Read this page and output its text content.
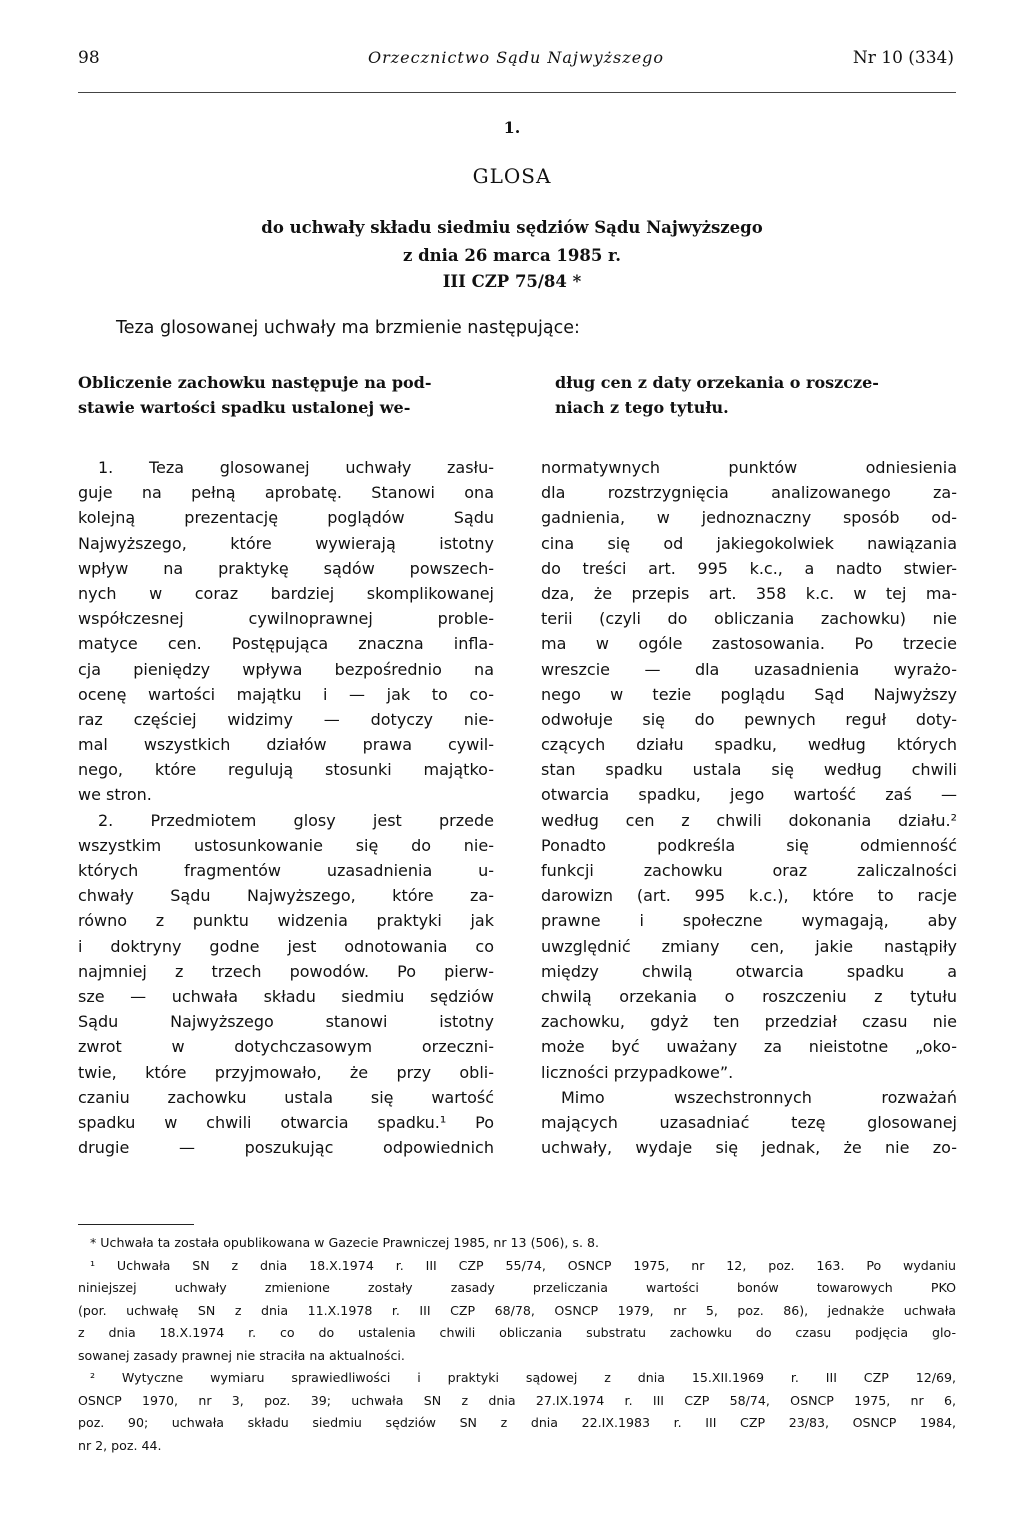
98	Orzecznictwo Sądu Najwyższego	Nr 10 (334)
1.
GLOSA
do uchwały składu siedmiu sędziów Sądu Najwyższego
z dnia 26 marca 1985 r.
III CZP 75/84 *
Teza glosowanej uchwały ma brzmienie następujące:
Obliczenie zachowku następuje na pod-
stawie wartości spadku ustalonej we-
dług cen z daty orzekania o roszcze-
niach z tego tytułu.
1. Teza glosowanej uchwały zasłu-
guje na pełną aprobatę. Stanowi ona
kolejną prezentację poglądów Sądu
Najwyższego, które wywierają istotny
wpływ na praktykę sądów powszech-
nych w coraz bardziej skomplikowanej
współczesnej cywilnoprawnej proble-
matyce cen. Postępująca znaczna infla-
cja pieniędzy wpływa bezpośrednio na
ocenę wartości majątku i — jak to co-
raz częściej widzimy — dotyczy nie-
mal wszystkich działów prawa cywil-
nego, które regulują stosunki majątko-
we stron.
2. Przedmiotem glosy jest przede
wszystkim ustosunkowanie się do nie-
których fragmentów uzasadnienia u-
chwały Sądu Najwyższego, które za-
równo z punktu widzenia praktyki jak
i doktryny godne jest odnotowania co
najmniej z trzech powodów. Po pierw-
sze — uchwała składu siedmiu sędziów
Sądu Najwyższego stanowi istotny
zwrot w dotychczasowym orzeczni-
twie, które przyjmowało, że przy obli-
czaniu zachowku ustala się wartość
spadku w chwili otwarcia spadku.¹ Po
drugie — poszukując odpowiednich
normatywnych punktów odniesienia
dla rozstrzygnięcia analizowanego za-
gadnienia, w jednoznaczny sposób od-
cina się od jakiegokolwiek nawiązania
do treści art. 995 k.c., a nadto stwier-
dza, że przepis art. 358 k.c. w tej ma-
terii (czyli do obliczania zachowku) nie
ma w ogóle zastosowania. Po trzecie
wreszcie — dla uzasadnienia wyrażo-
nego w tezie poglądu Sąd Najwyższy
odwołuje się do pewnych reguł doty-
czących działu spadku, według których
stan spadku ustala się według chwili
otwarcia spadku, jego wartość zaś —
według cen z chwili dokonania działu.²
Ponadto podkreśla się odmienność
funkcji zachowku oraz zaliczalności
darowizn (art. 995 k.c.), które to racje
prawne i społeczne wymagają, aby
uwzględnić zmiany cen, jakie nastąpiły
między chwilą otwarcia spadku a
chwilą orzekania o roszczeniu z tytułu
zachowku, gdyż ten przedział czasu nie
może być uważany za nieistotne „oko-
liczności przypadkowe”.
Mimo wszechstronnych rozważań
mających uzasadniać tezę glosowanej
uchwały, wydaje się jednak, że nie zo-
* Uchwała ta została opublikowana w Gazecie Prawniczej 1985, nr 13 (506), s. 8.
¹ Uchwała SN z dnia 18.X.1974 r. III CZP 55/74, OSNCP 1975, nr 12, poz. 163. Po wydaniu
niniejszej uchwały zmienione zostały zasady przeliczania wartości bonów towarowych PKO
(por. uchwałę SN z dnia 11.X.1978 r. III CZP 68/78, OSNCP 1979, nr 5, poz. 86), jednakże uchwała
z dnia 18.X.1974 r. co do ustalenia chwili obliczania substratu zachowku do czasu podjęcia glo-
sowanej zasady prawnej nie straciła na aktualności.
² Wytyczne wymiaru sprawiedliwości i praktyki sądowej z dnia 15.XII.1969 r. III CZP 12/69,
OSNCP 1970, nr 3, poz. 39; uchwała SN z dnia 27.IX.1974 r. III CZP 58/74, OSNCP 1975, nr 6,
poz. 90; uchwała składu siedmiu sędziów SN z dnia 22.IX.1983 r. III CZP 23/83, OSNCP 1984,
nr 2, poz. 44.
